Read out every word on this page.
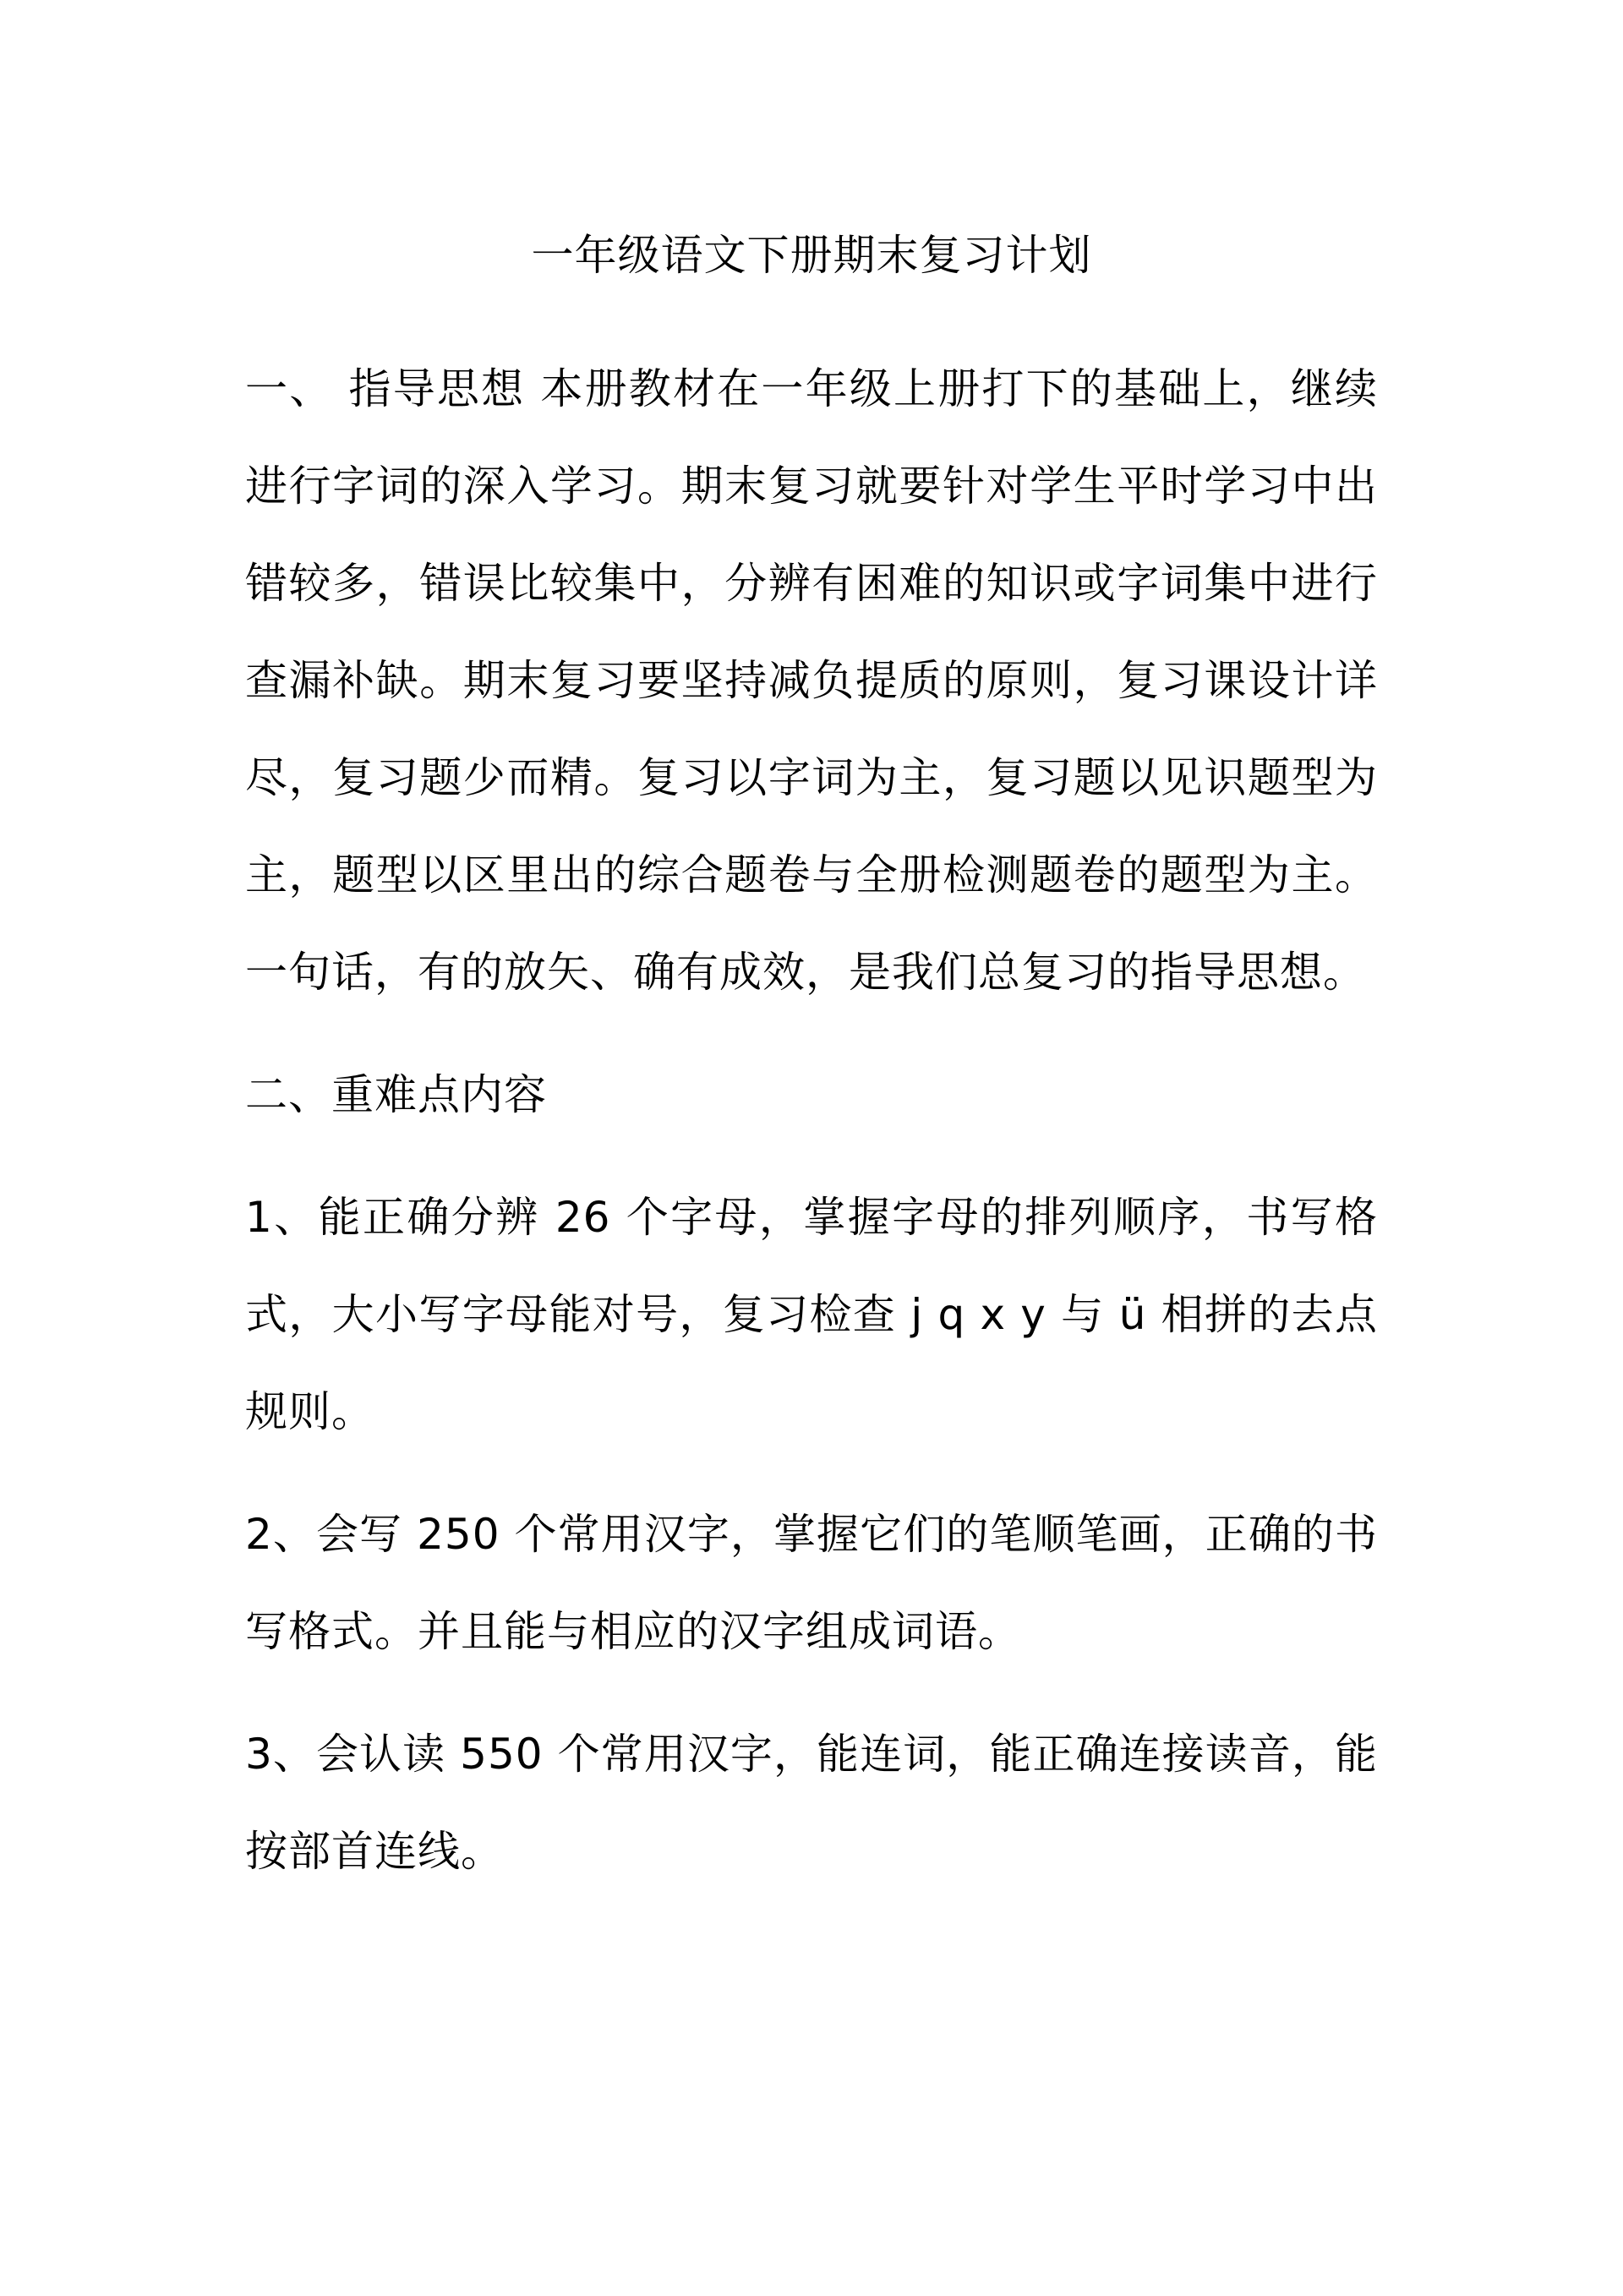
一年级语文下册期末复习计划

一、 指导思想 本册教材在一年级上册打下的基础上，继续进行字词的深入学习。期末复习就要针对学生平时学习中出错较多，错误比较集中，分辨有困难的知识或字词集中进行查漏补缺。期末复习要坚持减负提质的原则，复习课设计详尽，复习题少而精。复习以字词为主，复习题以见识题型为主，题型以区里出的综合题卷与全册检测题卷的题型为主。一句话，有的放矢、确有成效，是我们总复习的指导思想。

二、重难点内容

1、能正确分辨 26 个字母，掌握字母的排列顺序，书写格式，大小写字母能对号，复习检查 j q x y 与 ü 相拼的去点规则。

2、会写 250 个常用汉字，掌握它们的笔顺笔画，正确的书写格式。并且能与相应的汉字组成词语。

3、会认读 550 个常用汉字，能连词，能正确连接读音，能按部首连线。
